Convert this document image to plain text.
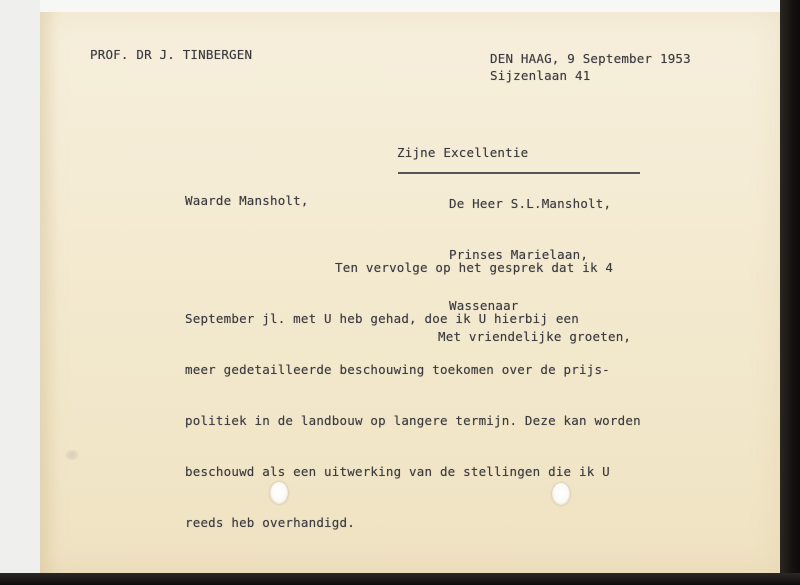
PROF. DR J. TINBERGEN	DEN HAAG, 9 September 1953
Sijzenlaan 41

Zijne Excellentie

De Heer S.L.Mansholt,

Prinses Marielaan,

Wassenaar

Waarde Mansholt,

Ten vervolge op het gesprek dat ik 4

September jl. met U heb gehad, doe ik U hierbij een

meer gedetailleerde beschouwing toekomen over de prijs-

politiek in de landbouw op langere termijn. Deze kan worden

beschouwd als een uitwerking van de stellingen die ik U

reeds heb overhandigd.

Met vriendelijke groeten,
